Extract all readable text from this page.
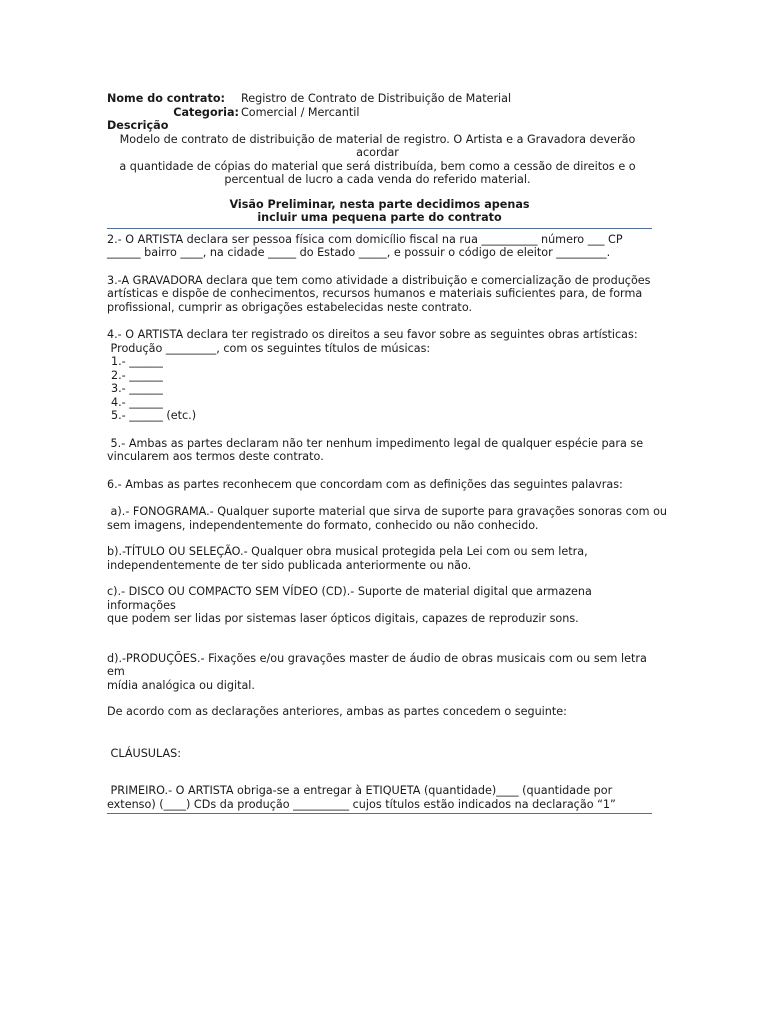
Nome do contrato:	Registro de Contrato de Distribuição de Material
Categoria: Comercial / Mercantil
Descrição
Modelo de contrato de distribuição de material de registro. O Artista e a Gravadora deverão acordar
a quantidade de cópias do material que será distribuída, bem como a cessão de direitos e o
percentual de lucro a cada venda do referido material.
Visão Preliminar, nesta parte decidimos apenas
incluir uma pequena parte do contrato
2.- O ARTISTA declara ser pessoa física com domicílio fiscal na rua __________ número ___ CP
______ bairro ____, na cidade _____ do Estado _____, e possuir o código de eleitor _________.
3.-A GRAVADORA declara que tem como atividade a distribuição e comercialização de produções
artísticas e dispõe de conhecimentos, recursos humanos e materiais suficientes para, de forma
profissional, cumprir as obrigações estabelecidas neste contrato.
4.- O ARTISTA declara ter registrado os direitos a seu favor sobre as seguintes obras artísticas:
Produção _________, com os seguintes títulos de músicas:
1.- ______
2.- ______
3.- ______
4.- ______
5.- ______ (etc.)
5.- Ambas as partes declaram não ter nenhum impedimento legal de qualquer espécie para se
vincularem aos termos deste contrato.
6.- Ambas as partes reconhecem que concordam com as definições das seguintes palavras:
a).- FONOGRAMA.- Qualquer suporte material que sirva de suporte para gravações sonoras com ou
sem imagens, independentemente do formato, conhecido ou não conhecido.
b).-TÍTULO OU SELEÇÃO.- Qualquer obra musical protegida pela Lei com ou sem letra,
independentemente de ter sido publicada anteriormente ou não.
c).- DISCO OU COMPACTO SEM VÍDEO (CD).- Suporte de material digital que armazena informações
que podem ser lidas por sistemas laser ópticos digitais, capazes de reproduzir sons.
d).-PRODUÇÕES.- Fixações e/ou gravações master de áudio de obras musicais com ou sem letra em
mídia analógica ou digital.
De acordo com as declarações anteriores, ambas as partes concedem o seguinte:
CLÁUSULAS:
PRIMEIRO.- O ARTISTA obriga-se a entregar à ETIQUETA (quantidade)____ (quantidade por
extenso) (____) CDs da produção __________ cujos títulos estão indicados na declaração “1”
